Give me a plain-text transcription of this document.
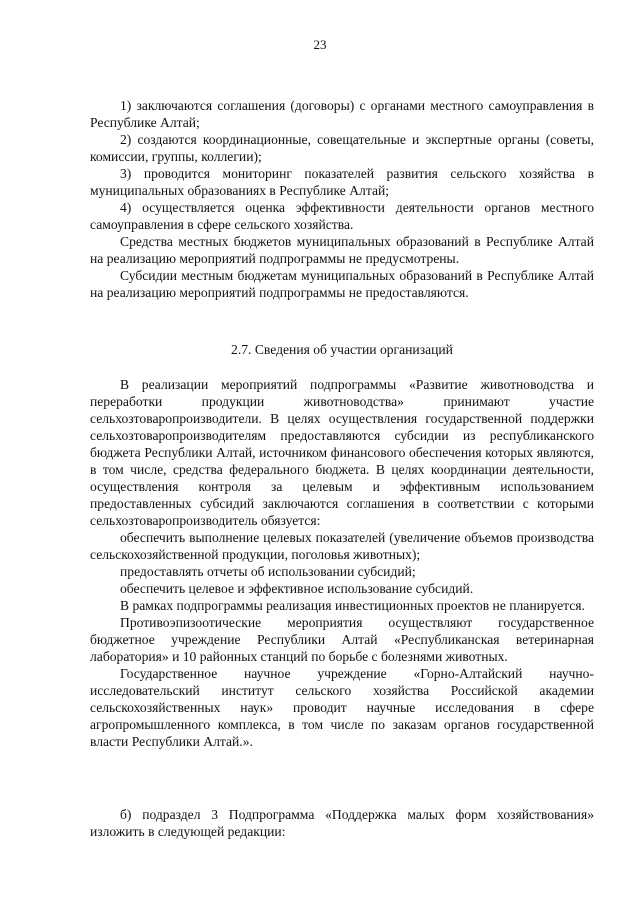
23

1) заключаются соглашения (договоры) с органами местного самоуправления в Республике Алтай;

2) создаются координационные, совещательные и экспертные органы (советы, комиссии, группы, коллегии);

3) проводится мониторинг показателей развития сельского хозяйства в муниципальных образованиях в Республике Алтай;

4) осуществляется оценка эффективности деятельности органов местного самоуправления в сфере сельского хозяйства.

Средства местных бюджетов муниципальных образований в Республике Алтай на реализацию мероприятий подпрограммы не предусмотрены.

Субсидии местным бюджетам муниципальных образований в Республике Алтай на реализацию мероприятий подпрограммы не предоставляются.

2.7. Сведения об участии организаций

В реализации мероприятий подпрограммы «Развитие животноводства и переработки продукции животноводства» принимают участие сельхозтоваропроизводители. В целях осуществления государственной поддержки сельхозтоваропроизводителям предоставляются субсидии из республиканского бюджета Республики Алтай, источником финансового обеспечения которых являются, в том числе, средства федерального бюджета. В целях координации деятельности, осуществления контроля за целевым и эффективным использованием предоставленных субсидий заключаются соглашения в соответствии с которыми сельхозтоваропроизводитель обязуется:

обеспечить выполнение целевых показателей (увеличение объемов производства сельскохозяйственной продукции, поголовья животных);

предоставлять отчеты об использовании субсидий;

обеспечить целевое и эффективное использование субсидий.

В рамках подпрограммы реализация инвестиционных проектов не планируется.

Противоэпизоотические мероприятия осуществляют государственное бюджетное учреждение Республики Алтай «Республиканская ветеринарная лаборатория» и 10 районных станций по борьбе с болезнями животных.

Государственное научное учреждение «Горно-Алтайский научно-исследовательский институт сельского хозяйства Российской академии сельскохозяйственных наук» проводит научные исследования в сфере агропромышленного комплекса, в том числе по заказам органов государственной власти Республики Алтай.».

б) подраздел 3 Подпрограмма «Поддержка малых форм хозяйствования» изложить в следующей редакции:
